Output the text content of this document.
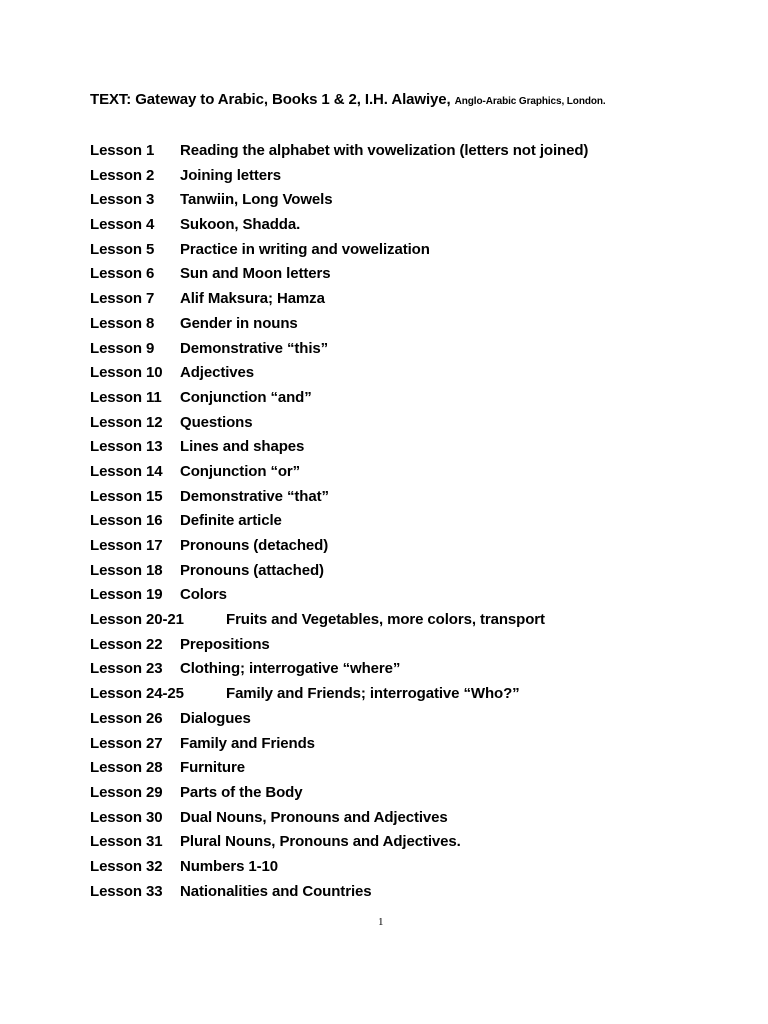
TEXT: Gateway to Arabic, Books 1 & 2, I.H. Alawiye, Anglo-Arabic Graphics, London.
Lesson 1 Reading the alphabet with vowelization (letters not joined)
Lesson 2 Joining letters
Lesson 3 Tanwiin, Long Vowels
Lesson 4 Sukoon, Shadda.
Lesson 5 Practice in writing and vowelization
Lesson 6 Sun and Moon letters
Lesson 7 Alif Maksura; Hamza
Lesson 8 Gender in nouns
Lesson 9 Demonstrative “this”
Lesson 10 Adjectives
Lesson 11 Conjunction “and”
Lesson 12 Questions
Lesson 13 Lines and shapes
Lesson 14 Conjunction “or”
Lesson 15 Demonstrative “that”
Lesson 16 Definite article
Lesson 17 Pronouns (detached)
Lesson 18 Pronouns (attached)
Lesson 19 Colors
Lesson 20-21	Fruits and Vegetables, more colors, transport
Lesson 22 Prepositions
Lesson 23 Clothing; interrogative “where”
Lesson 24-25	Family and Friends; interrogative “Who?”
Lesson 26 Dialogues
Lesson 27 Family and Friends
Lesson 28 Furniture
Lesson 29 Parts of the Body
Lesson 30 Dual Nouns, Pronouns and Adjectives
Lesson 31 Plural Nouns, Pronouns and Adjectives.
Lesson 32 Numbers 1-10
Lesson 33 Nationalities and Countries
1
